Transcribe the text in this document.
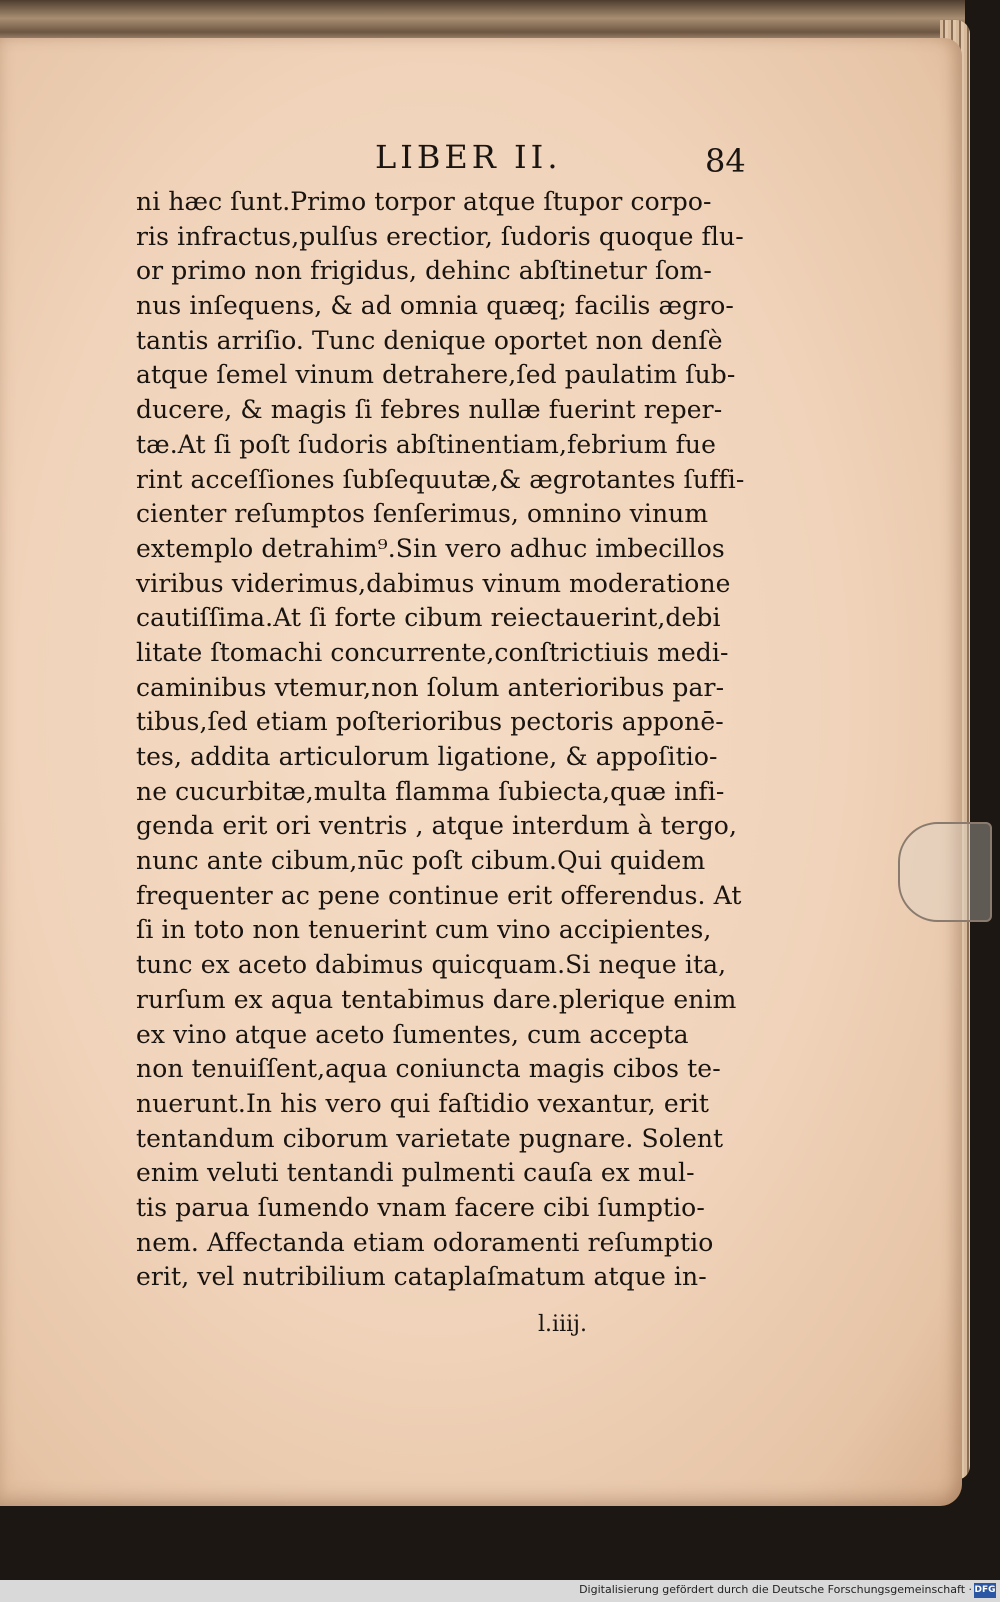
LIBER II.	84
ni hæc ſunt.Primo torpor atque ſtupor corpo-
ris infractus,pulſus erectior, ſudoris quoque flu-
or primo non frigidus, dehinc abſtinetur ſom-
nus inſequens, & ad omnia quæq; facilis ægro-
tantis arriſio. Tunc denique oportet non denſè
atque ſemel vinum detrahere,ſed paulatim ſub-
ducere, & magis ſi febres nullæ fuerint reper-
tæ.At ſi poſt ſudoris abſtinentiam,febrium fue
rint acceſſiones ſubſequutæ,& ægrotantes ſuffi-
cienter reſumptos ſenſerimus, omnino vinum
extemplo detrahim⁹.Sin vero adhuc imbecillos
viribus viderimus,dabimus vinum moderatione
cautiſſima.At ſi forte cibum reiectauerint,debi
litate ſtomachi concurrente,conſtrictiuis medi-
caminibus vtemur,non ſolum anterioribus par-
tibus,ſed etiam poſterioribus pectoris apponē-
tes, addita articulorum ligatione, & appoſitio-
ne cucurbitæ,multa flamma ſubiecta,quæ infi-
genda erit ori ventris , atque interdum à tergo,
nunc ante cibum,nūc poſt cibum.Qui quidem
frequenter ac pene continue erit offerendus. At
ſi in toto non tenuerint cum vino accipientes,
tunc ex aceto dabimus quicquam.Si neque ita,
rurſum ex aqua tentabimus dare.plerique enim
ex vino atque aceto ſumentes, cum accepta
non tenuiſſent,aqua coniuncta magis cibos te-
nuerunt.In his vero qui faſtidio vexantur, erit
tentandum ciborum varietate pugnare. Solent
enim veluti tentandi pulmenti cauſa ex mul-
tis parua ſumendo vnam facere cibi ſumptio-
nem. Affectanda etiam odoramenti reſumptio
erit, vel nutribilium cataplaſmatum atque in-
l.iiij.
Digitalisierung gefördert durch die Deutsche Forschungsgemeinschaft · DFG
